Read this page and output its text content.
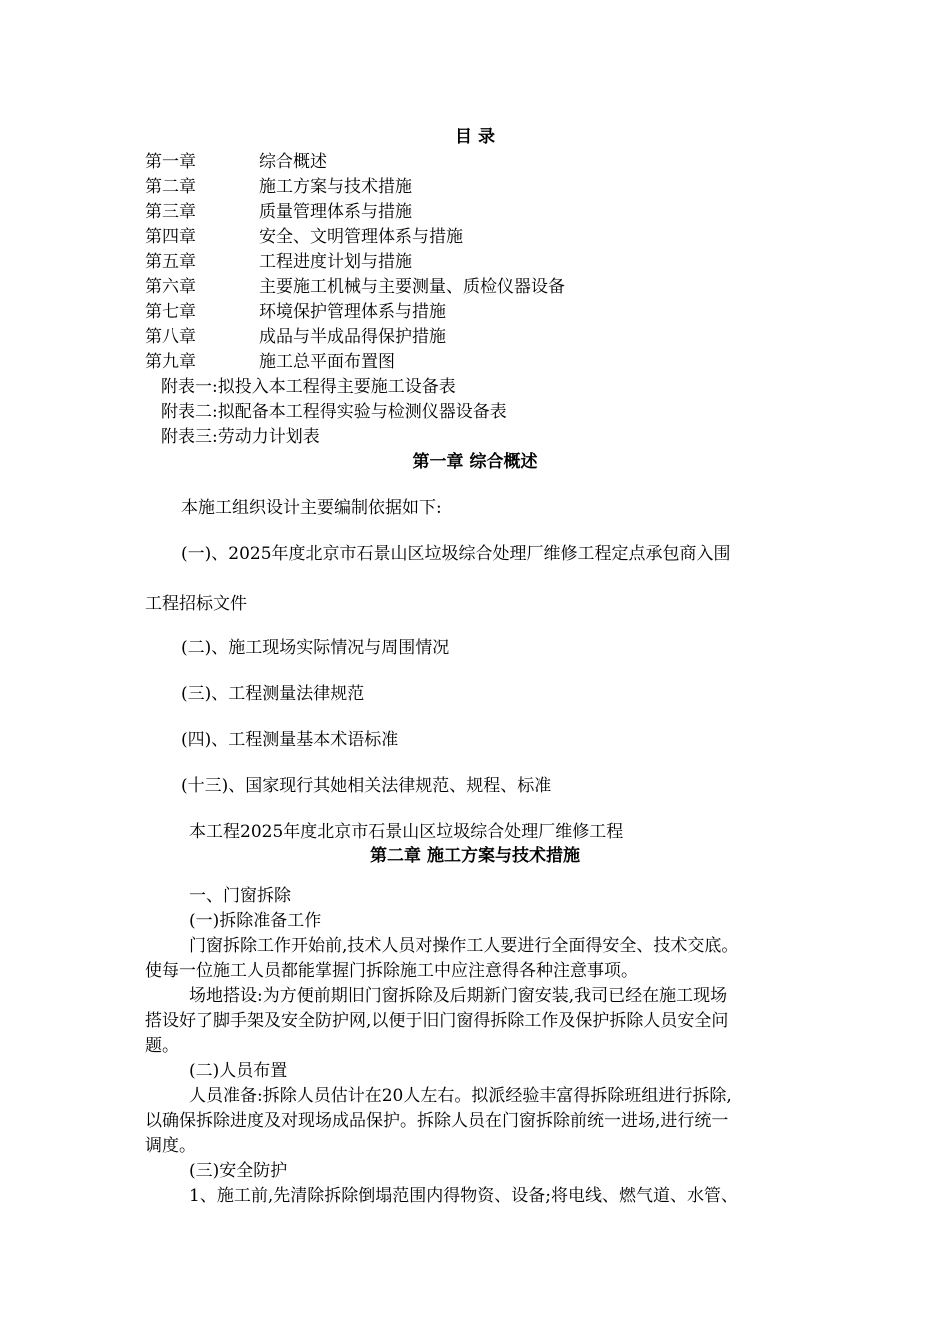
目 录
第一章	综合概述
第二章	施工方案与技术措施
第三章	质量管理体系与措施
第四章	安全、文明管理体系与措施
第五章	工程进度计划与措施
第六章	主要施工机械与主要测量、质检仪器设备
第七章	环境保护管理体系与措施
第八章	成品与半成品得保护措施
第九章	施工总平面布置图
附表一:拟投入本工程得主要施工设备表
附表二:拟配备本工程得实验与检测仪器设备表
附表三:劳动力计划表
第一章 综合概述
本施工组织设计主要编制依据如下:
(一)、2025年度北京市石景山区垃圾综合处理厂维修工程定点承包商入围
工程招标文件
(二)、施工现场实际情况与周围情况
(三)、工程测量法律规范
(四)、工程测量基本术语标准
(十三)、国家现行其她相关法律规范、规程、标准
本工程2025年度北京市石景山区垃圾综合处理厂维修工程
第二章 施工方案与技术措施
一、门窗拆除
(一)拆除准备工作
门窗拆除工作开始前,技术人员对操作工人要进行全面得安全、技术交底。
使每一位施工人员都能掌握门拆除施工中应注意得各种注意事项。
场地搭设:为方便前期旧门窗拆除及后期新门窗安装,我司已经在施工现场
搭设好了脚手架及安全防护网,以便于旧门窗得拆除工作及保护拆除人员安全问
题。
(二)人员布置
人员准备:拆除人员估计在20人左右。拟派经验丰富得拆除班组进行拆除,
以确保拆除进度及对现场成品保护。拆除人员在门窗拆除前统一进场,进行统一
调度。
(三)安全防护
1、施工前,先清除拆除倒塌范围内得物资、设备;将电线、燃气道、水管、
